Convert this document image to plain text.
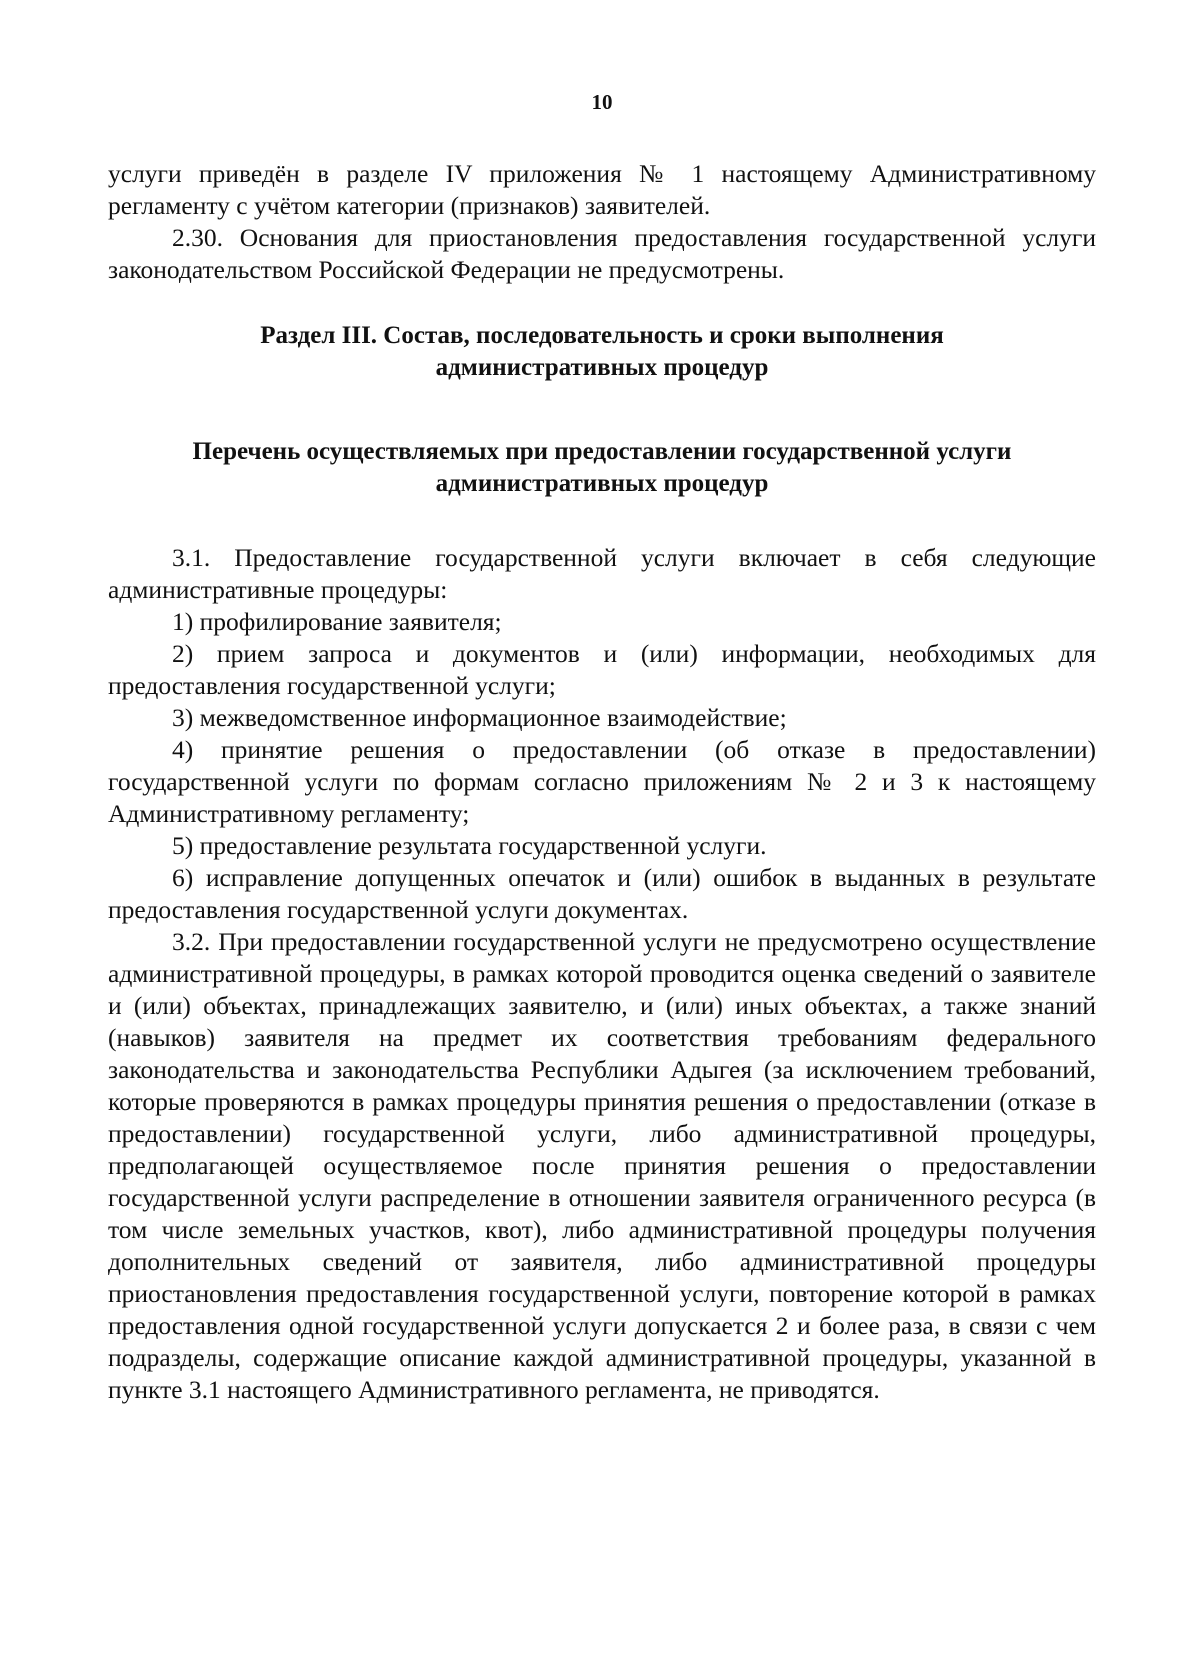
10

услуги приведён в разделе IV приложения № 1 настоящему Административному регламенту с учётом категории (признаков) заявителей.

2.30. Основания для приостановления предоставления государственной услуги законодательством Российской Федерации не предусмотрены.

Раздел III. Состав, последовательность и сроки выполнения
административных процедур
Перечень осуществляемых при предоставлении государственной услуги
административных процедур

3.1. Предоставление государственной услуги включает в себя следующие административные процедуры:

1) профилирование заявителя;

2) прием запроса и документов и (или) информации, необходимых для предоставления государственной услуги;

3) межведомственное информационное взаимодействие;

4) принятие решения о предоставлении (об отказе в предоставлении) государственной услуги по формам согласно приложениям № 2 и 3 к настоящему Административному регламенту;

5) предоставление результата государственной услуги.

6) исправление допущенных опечаток и (или) ошибок в выданных в результате предоставления государственной услуги документах.

3.2. При предоставлении государственной услуги не предусмотрено осуществление административной процедуры, в рамках которой проводится оценка сведений о заявителе и (или) объектах, принадлежащих заявителю, и (или) иных объектах, а также знаний (навыков) заявителя на предмет их соответствия требованиям федерального законодательства и законодательства Республики Адыгея (за исключением требований, которые проверяются в рамках процедуры принятия решения о предоставлении (отказе в предоставлении) государственной услуги, либо административной процедуры, предполагающей осуществляемое после принятия решения о предоставлении государственной услуги распределение в отношении заявителя ограниченного ресурса (в том числе земельных участков, квот), либо административной процедуры получения дополнительных сведений от заявителя, либо административной процедуры приостановления предоставления государственной услуги, повторение которой в рамках предоставления одной государственной услуги допускается 2 и более раза, в связи с чем подразделы, содержащие описание каждой административной процедуры, указанной в пункте 3.1 настоящего Административного регламента, не приводятся.
